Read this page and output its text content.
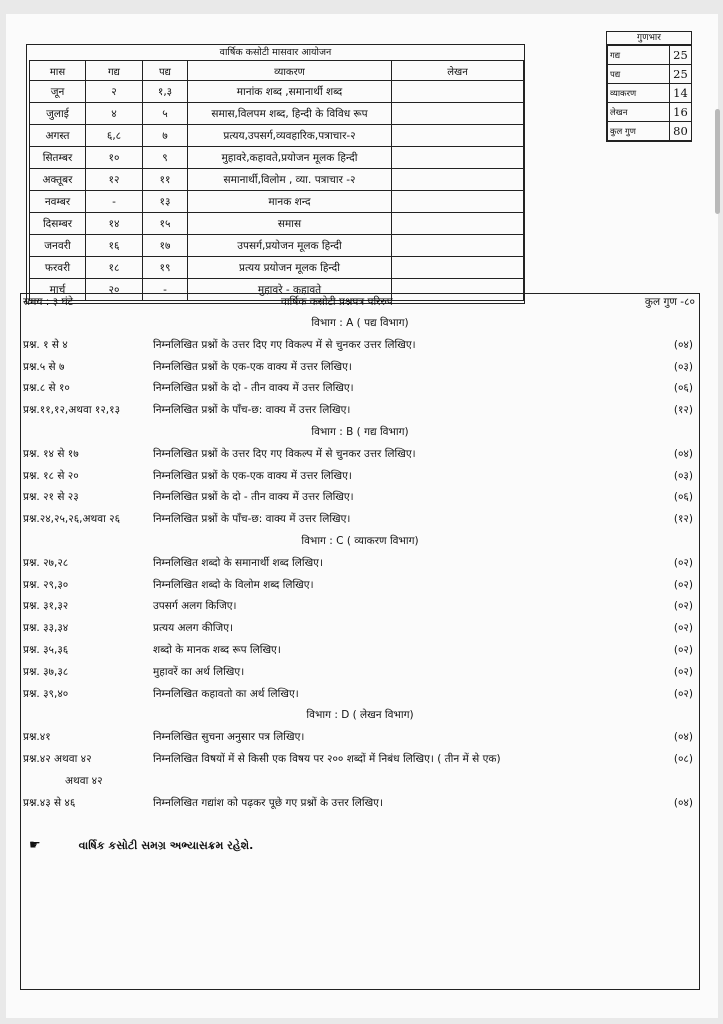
वार्षिक कसोटी मासवार आयोजन
मास	गद्य	पद्य	व्याकरण	लेखन
जून	२	१,३	मानांक शब्द ,समानार्थी शब्द	
जुलाई	४	५	समास,विलपम शब्द, हिन्दी के विविध रूप	
अगस्त	६,८	७	प्रत्यय,उपसर्ग,व्यवहारिक,पत्राचार-२	
सितम्बर	१०	९	मुहावरे,कहावते,प्रयोजन मूलक हिन्दी	
अक्तूबर	१२	११	समानार्थी,विलोम , व्या. पत्राचार -२	
नवम्बर	-	१३	मानक शन्द	
दिसम्बर	१४	१५	समास	
जनवरी	१६	१७	उपसर्ग,प्रयोजन मूलक हिन्दी	
फरवरी	१८	१९	प्रत्यय प्रयोजन मूलक हिन्दी	
मार्च	२०	-	मुहावरे - कहावते	
गुणभार
गद्य	25
पद्य	25
व्याकरण	14
लेखन	16
कुल गुण	80
समय : ३ घंटे	वार्षिक कसोटी प्रश्नपत्र परिरुप	कुल गुण -८०
विभाग : A ( पद्य विभाग)
प्रश्न. १ से ४	निम्नलिखित प्रश्नों के उत्तर दिए गए विकल्प में से चुनकर उत्तर लिखिए।	(०४)
प्रश्न.५ से ७	निम्नलिखित प्रश्नों के एक-एक वाक्य में उत्तर लिखिए।	(०३)
प्रश्न.८ से १०	निम्नलिखित प्रश्नों के दो - तीन वाक्य में उत्तर लिखिए।	(०६)
प्रश्न.११,१२,अथवा १२,१३	निम्नलिखित प्रश्नों के पाँच-छ: वाक्य में उत्तर लिखिए।	(१२)
विभाग : B ( गद्य विभाग)
प्रश्न. १४ से १७	निम्नलिखित प्रश्नों के उत्तर दिए गए विकल्प में से चुनकर उत्तर लिखिए।	(०४)
प्रश्न. १८ से २०	निम्नलिखित प्रश्नों के एक-एक वाक्य में उत्तर लिखिए।	(०३)
प्रश्न. २१ से २३	निम्नलिखित प्रश्नों के दो - तीन वाक्य में उत्तर लिखिए।	(०६)
प्रश्न.२४,२५,२६,अथवा २६	निम्नलिखित प्रश्नों के पाँच-छ: वाक्य में उत्तर लिखिए।	(१२)
विभाग : C ( व्याकरण विभाग)
प्रश्न. २७,२८	निम्नलिखित शब्दो के समानार्थी शब्द लिखिए।	(०२)
प्रश्न. २९,३०	निम्नलिखित शब्दो के विलोम शब्द लिखिए।	(०२)
प्रश्न. ३१,३२	उपसर्ग अलग किजिए।	(०२)
प्रश्न. ३३,३४	प्रत्यय अलग कीजिए।	(०२)
प्रश्न. ३५,३६	शब्दो के मानक शब्द रूप लिखिए।	(०२)
प्रश्न. ३७,३८	मुहावरें का अर्थ लिखिए।	(०२)
प्रश्न. ३९,४०	निम्नलिखित कहावतो का अर्थ लिखिए।	(०२)
विभाग : D ( लेखन विभाग)
प्रश्न.४१	निम्नलिखित सुचना अनुसार पत्र लिखिए।	(०४)
प्रश्न.४२ अथवा ४२	निम्नलिखित विषयों में से किसी एक विषय पर २०० शब्दों में निबंध लिखिए। ( तीन में से एक)	(०८)
अथवा ४२
प्रश्न.४३ से ४६	निम्नलिखित गद्यांश को पढ़कर पूछे गए प्रश्नों के उत्तर लिखिए।	(०४)
☛	વાર્ષિક કસોટી સમગ્ર અભ્યાસક્રમ રહેશે.
